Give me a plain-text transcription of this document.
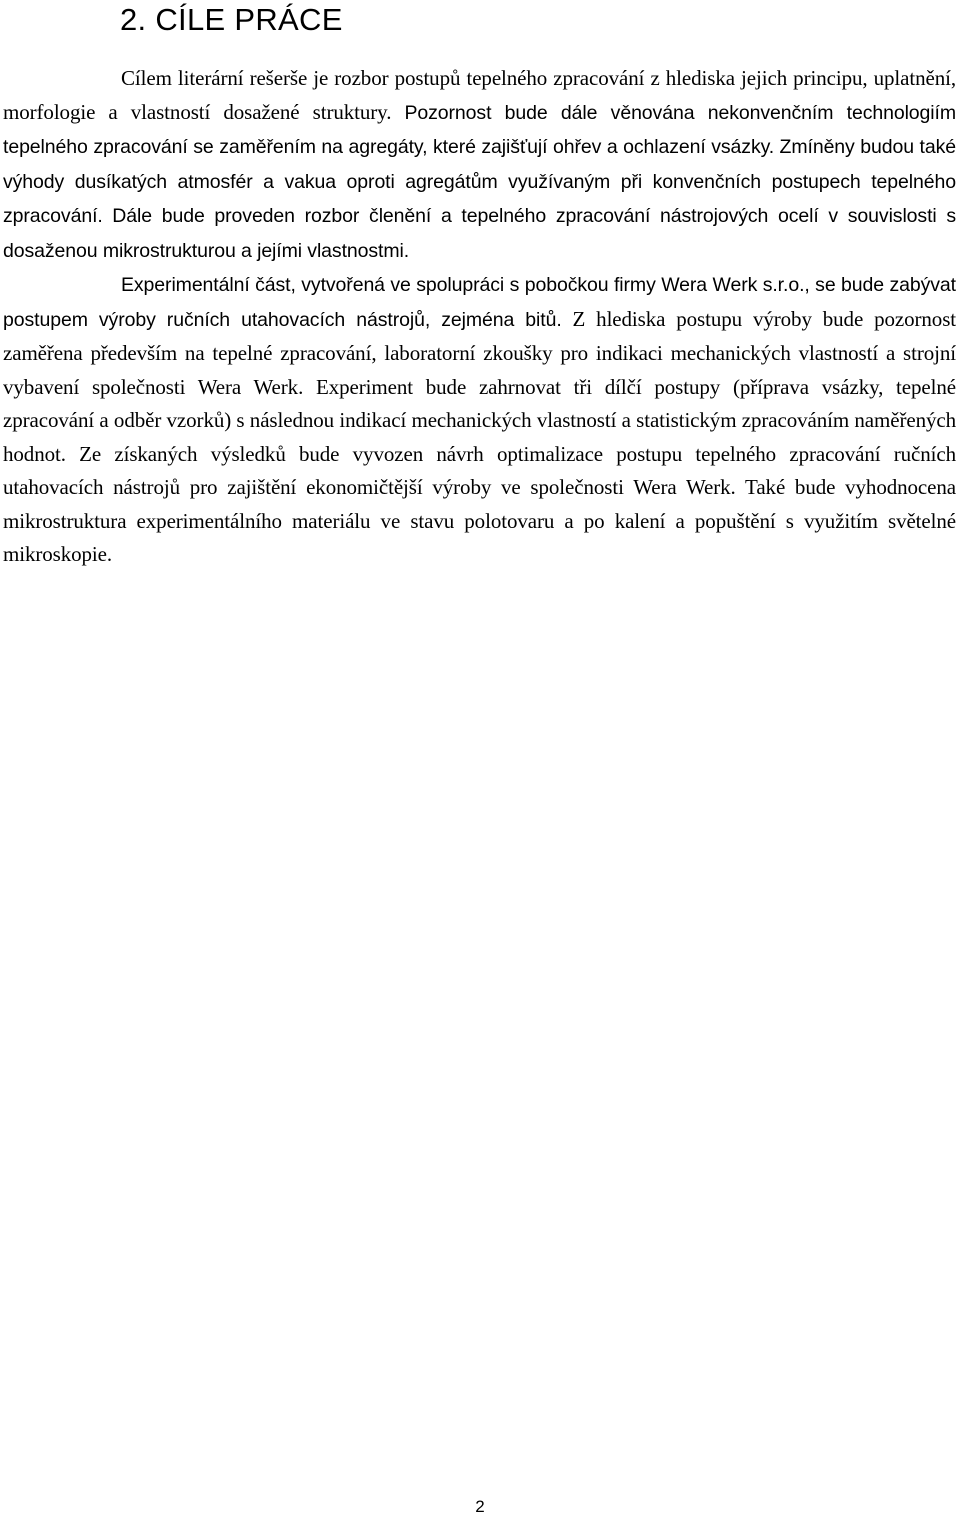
2. CÍLE PRÁCE

Cílem literární rešerše je rozbor postupů tepelného zpracování z hlediska jejich principu, uplatnění, morfologie a vlastností dosažené struktury. Pozornost bude dále věnována nekonvenčním technologiím tepelného zpracování se zaměřením na agregáty, které zajišťují ohřev a ochlazení vsázky. Zmíněny budou také výhody dusíkatých atmosfér a vakua oproti agregátům využívaným při konvenčních postupech tepelného zpracování. Dále bude proveden rozbor členění a tepelného zpracování nástrojových ocelí v souvislosti s dosaženou mikrostrukturou a jejími vlastnostmi.

Experimentální část, vytvořená ve spolupráci s pobočkou firmy Wera Werk s.r.o., se bude zabývat postupem výroby ručních utahovacích nástrojů, zejména bitů. Z hlediska postupu výroby bude pozornost zaměřena především na tepelné zpracování, laboratorní zkoušky pro indikaci mechanických vlastností a strojní vybavení společnosti Wera Werk. Experiment bude zahrnovat tři dílčí postupy (příprava vsázky, tepelné zpracování a odběr vzorků) s následnou indikací mechanických vlastností a statistickým zpracováním naměřených hodnot. Ze získaných výsledků bude vyvozen návrh optimalizace postupu tepelného zpracování ručních utahovacích nástrojů pro zajištění ekonomičtější výroby ve společnosti Wera Werk. Také bude vyhodnocena mikrostruktura experimentálního materiálu ve stavu polotovaru a po kalení a popuštění s využitím světelné mikroskopie.

2
